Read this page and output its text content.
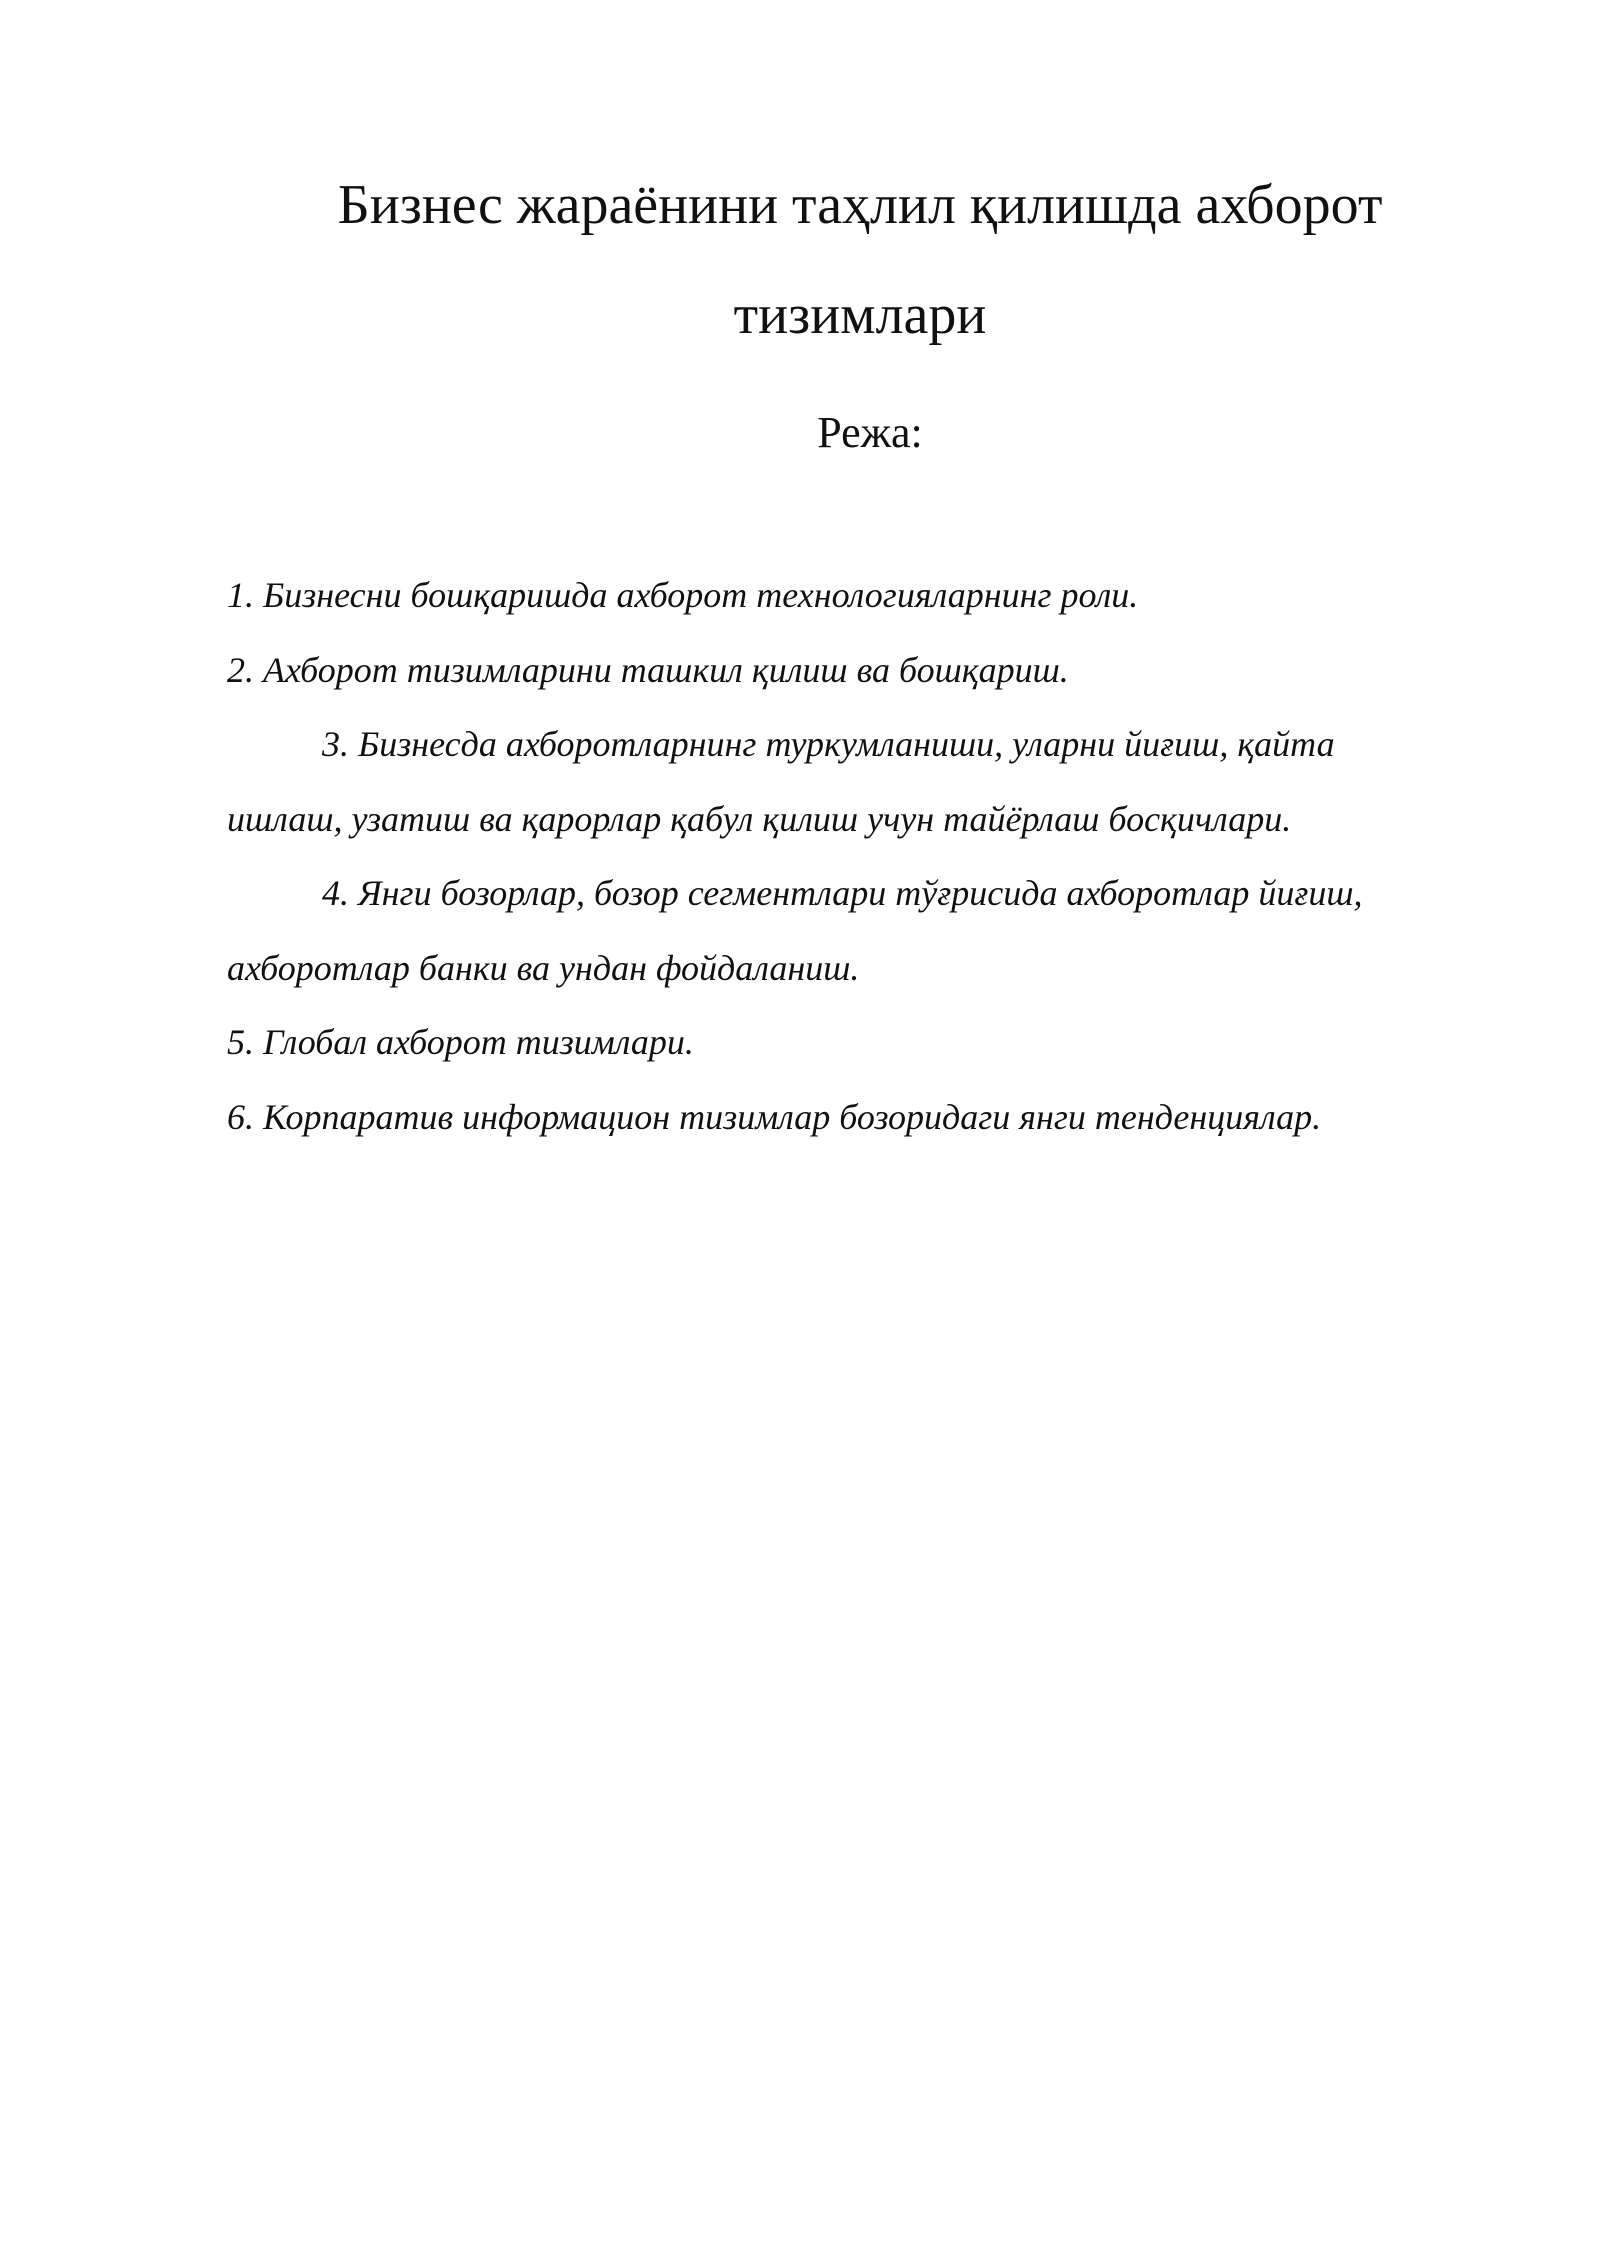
Бизнес жараёнини таҳлил қилишда ахборот тизимлари

Режа:

1. Бизнесни бошқаришда ахборот технологияларнинг роли.

2. Ахборот тизимларини ташкил қилиш ва бошқариш.

3. Бизнесда ахборотларнинг туркумланиши, уларни йиғиш, қайта ишлаш, узатиш ва қарорлар қабул қилиш учун тайёрлаш босқичлари.

4. Янги бозорлар, бозор сегментлари тўғрисида ахборотлар йиғиш, ахборотлар банки ва ундан фойдаланиш.

5. Глобал ахборот тизимлари.

6. Корпаратив информацион тизимлар бозоридаги янги тенденциялар.
